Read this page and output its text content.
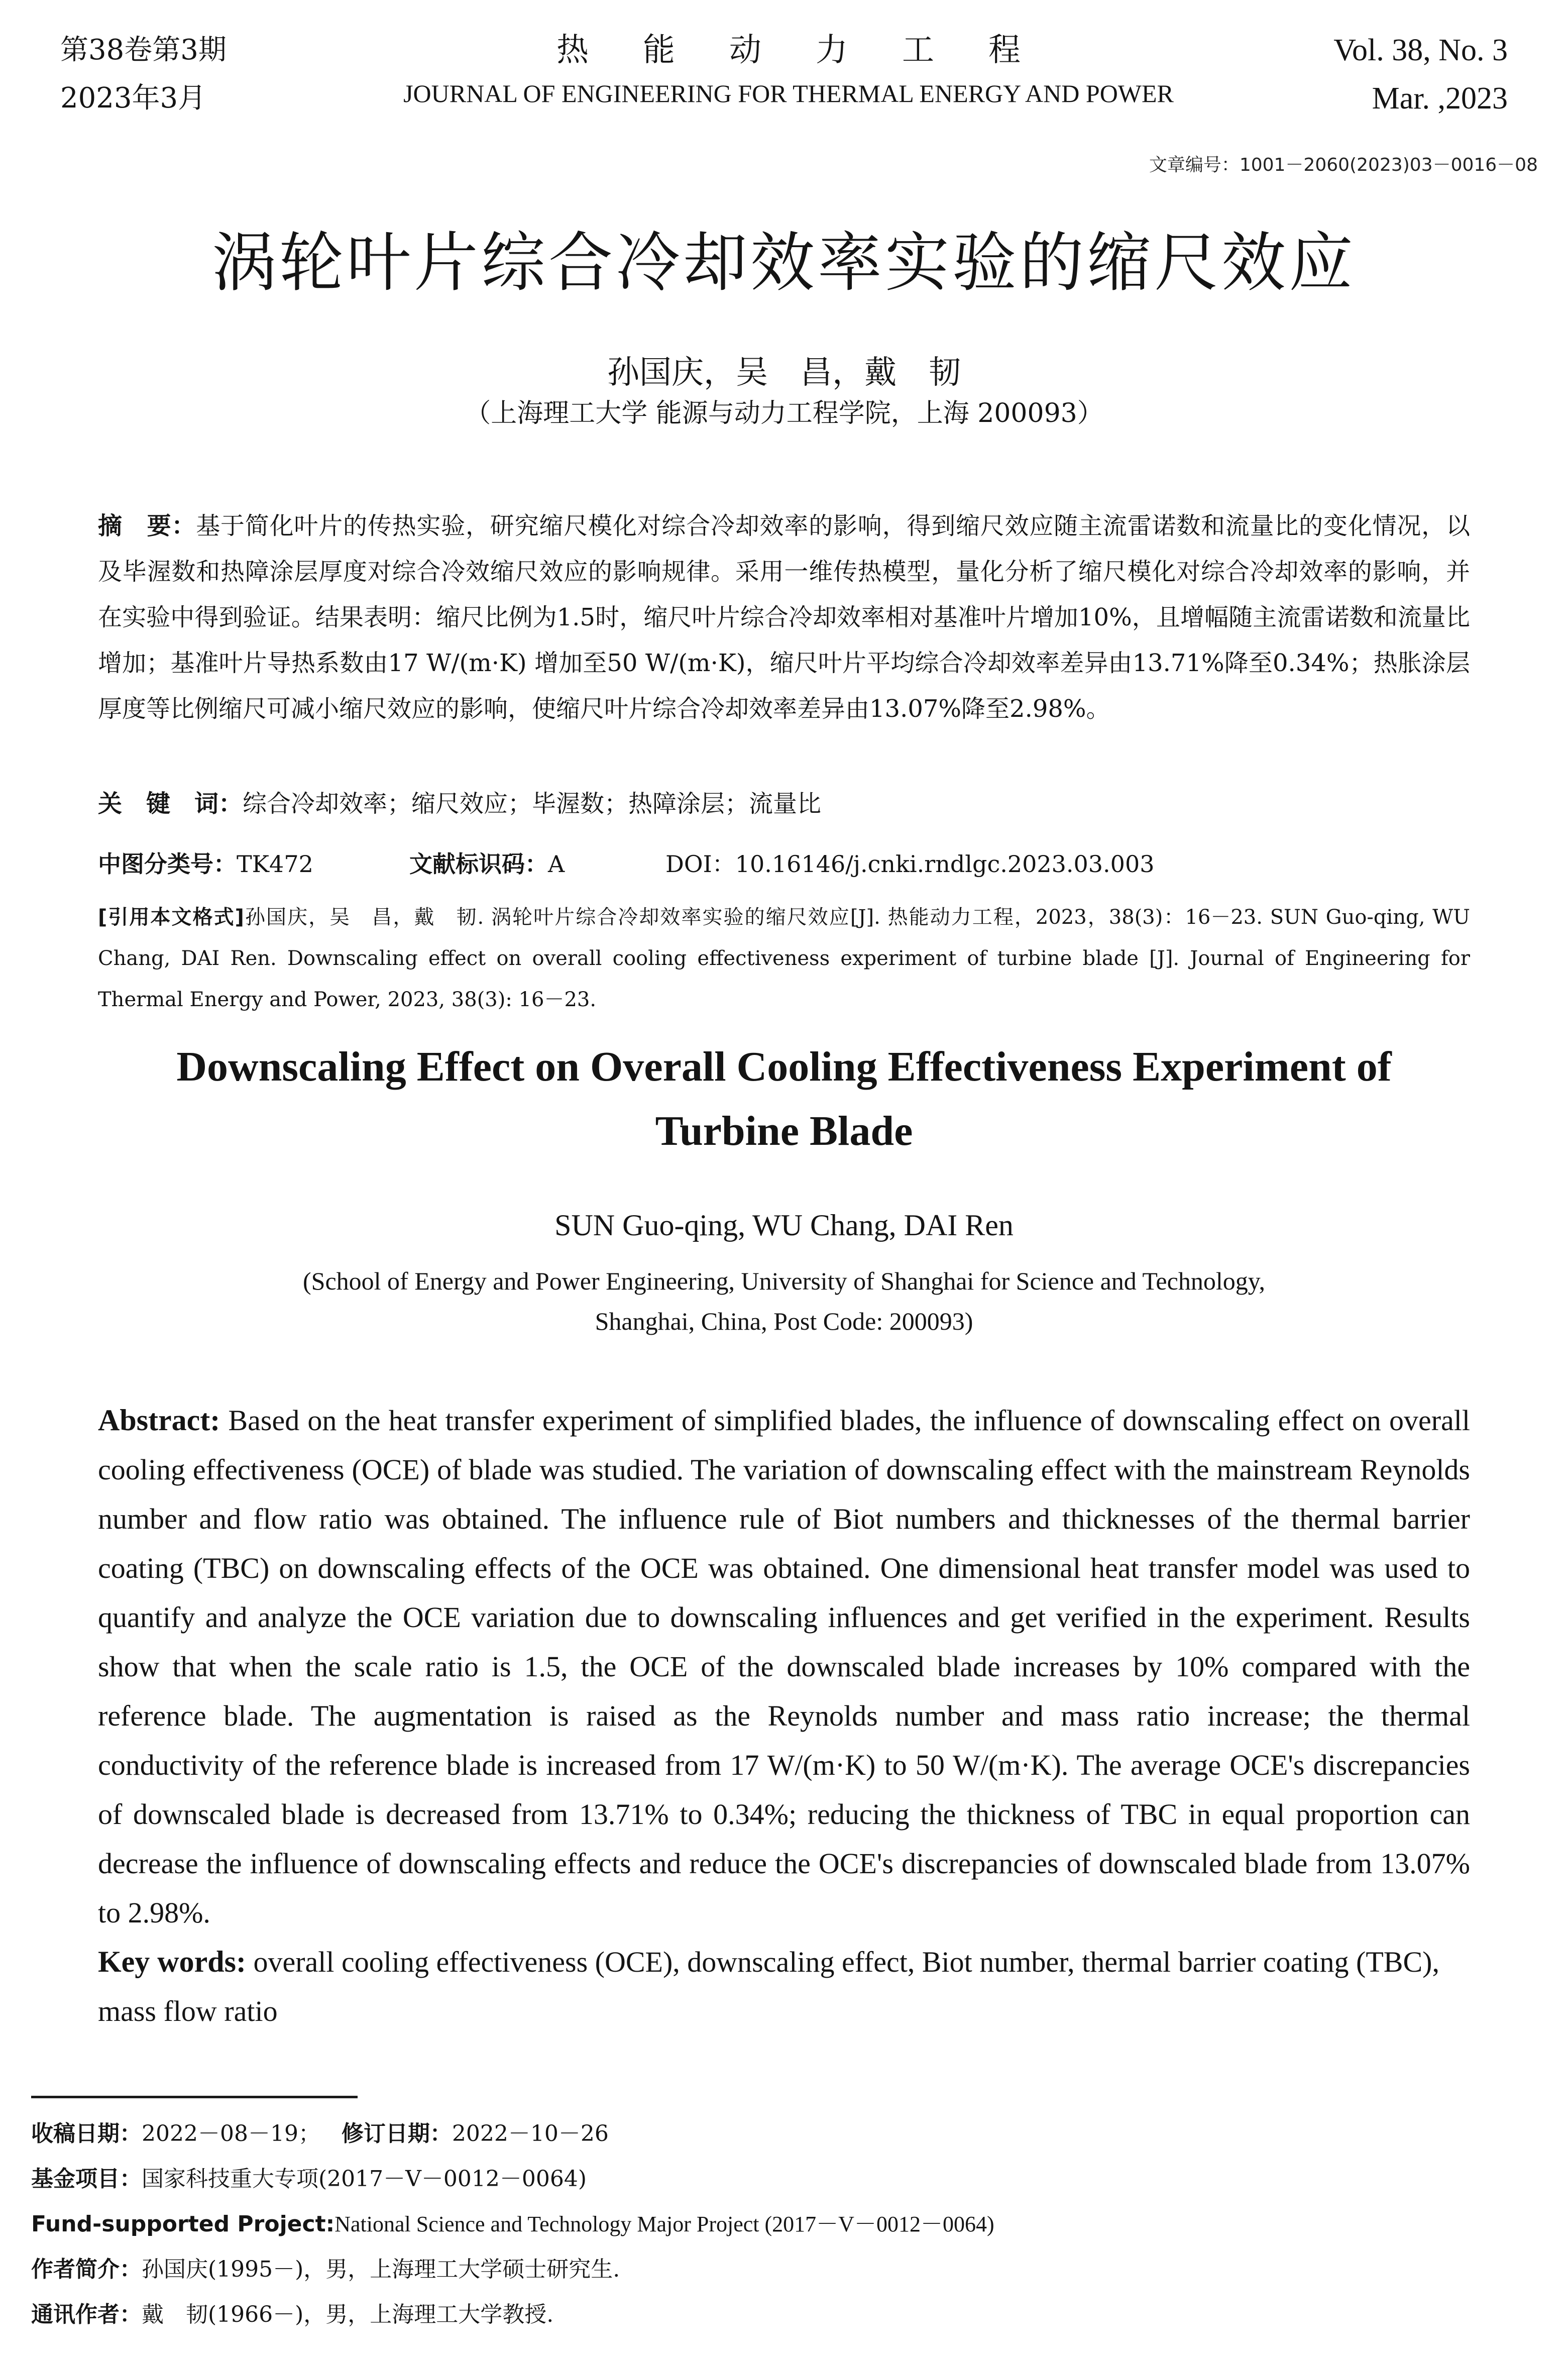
第38卷第3期
2023年3月
热能动力工程
JOURNAL OF ENGINEERING FOR THERMAL ENERGY AND POWER
Vol. 38, No. 3
Mar. ,2023
文章编号：1001－2060(2023)03－0016－08
涡轮叶片综合冷却效率实验的缩尺效应
孙国庆，吴　昌，戴　韧
（上海理工大学 能源与动力工程学院，上海 200093）
摘　要：基于简化叶片的传热实验，研究缩尺模化对综合冷却效率的影响，得到缩尺效应随主流雷诺数和流量比的变化情况，以及毕渥数和热障涂层厚度对综合冷效缩尺效应的影响规律。采用一维传热模型，量化分析了缩尺模化对综合冷却效率的影响，并在实验中得到验证。结果表明：缩尺比例为1.5时，缩尺叶片综合冷却效率相对基准叶片增加10%，且增幅随主流雷诺数和流量比增加；基准叶片导热系数由17 W/(m·K) 增加至50 W/(m·K)，缩尺叶片平均综合冷却效率差异由13.71%降至0.34%；热胀涂层厚度等比例缩尺可减小缩尺效应的影响，使缩尺叶片综合冷却效率差异由13.07%降至2.98%。
关　键　词：综合冷却效率；缩尺效应；毕渥数；热障涂层；流量比
中图分类号：TK472	文献标识码：A	DOI：10.16146/j.cnki.rndlgc.2023.03.003
[引用本文格式]孙国庆，吴　昌，戴　韧. 涡轮叶片综合冷却效率实验的缩尺效应[J]. 热能动力工程，2023，38(3)：16－23. SUN Guo-qing, WU Chang, DAI Ren. Downscaling effect on overall cooling effectiveness experiment of turbine blade [J]. Journal of Engineering for Thermal Energy and Power, 2023, 38(3): 16－23.
Downscaling Effect on Overall Cooling Effectiveness Experiment of
Turbine Blade
SUN Guo-qing, WU Chang, DAI Ren
(School of Energy and Power Engineering, University of Shanghai for Science and Technology,
Shanghai, China, Post Code: 200093)
Abstract: Based on the heat transfer experiment of simplified blades, the influence of downscaling effect on overall cooling effectiveness (OCE) of blade was studied. The variation of downscaling effect with the mainstream Reynolds number and flow ratio was obtained. The influence rule of Biot numbers and thicknesses of the thermal barrier coating (TBC) on downscaling effects of the OCE was obtained. One dimensional heat transfer model was used to quantify and analyze the OCE variation due to downscaling influences and get verified in the experiment. Results show that when the scale ratio is 1.5, the OCE of the downscaled blade increases by 10% compared with the reference blade. The augmentation is raised as the Reynolds number and mass ratio increase; the thermal conductivity of the reference blade is increased from 17 W/(m·K) to 50 W/(m·K). The average OCE's discrepancies of downscaled blade is decreased from 13.71% to 0.34%; reducing the thickness of TBC in equal proportion can decrease the influence of downscaling effects and reduce the OCE's discrepancies of downscaled blade from 13.07% to 2.98%.
Key words: overall cooling effectiveness (OCE), downscaling effect, Biot number, thermal barrier coating (TBC), mass flow ratio
收稿日期：2022－08－19； 修订日期：2022－10－26
基金项目：国家科技重大专项(2017－V－0012－0064)
Fund-supported Project:National Science and Technology Major Project (2017－V－0012－0064)
作者简介：孙国庆(1995－)，男，上海理工大学硕士研究生.
通讯作者：戴　韧(1966－)，男，上海理工大学教授.
